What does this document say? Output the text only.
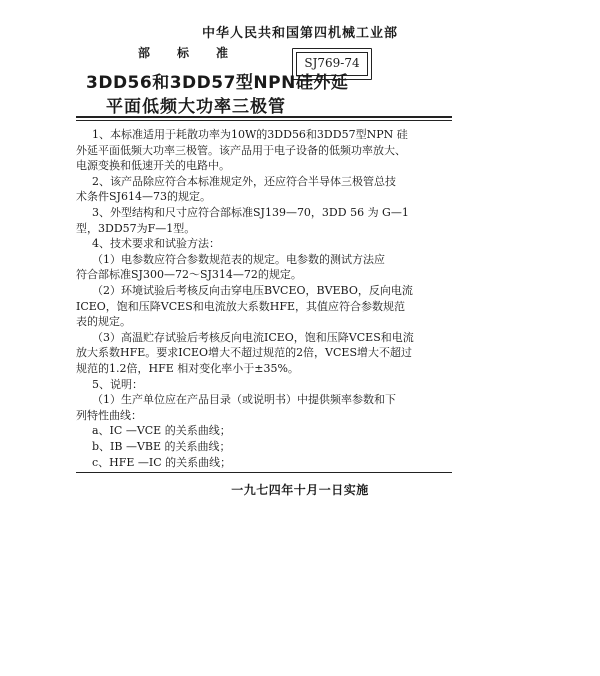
中华人民共和国第四机械工业部
部 标 准
SJ769-74
3DD56和3DD57型NPN硅外延
平面低频大功率三极管
一九七四年十月一日实施
1、本标准适用于耗散功率为10W的3DD56和3DD57型NPN 硅
外延平面低频大功率三极管。该产品用于电子设备的低频功率放大、
电源变换和低速开关的电路中。
2、该产品除应符合本标准规定外，还应符合半导体三极管总技
术条件SJ614—73的规定。
3、外型结构和尺寸应符合部标准SJ139—70，3DD 56 为 G—1
型，3DD57为F—1型。
4、技术要求和试验方法：
（1）电参数应符合参数规范表的规定。电参数的测试方法应
符合部标准SJ300—72～SJ314—72的规定。
（2）环境试验后考核反向击穿电压BVCEO，BVEBO，反向电流
ICEO，饱和压降VCES和电流放大系数HFE，其值应符合参数规范
表的规定。
（3）高温贮存试验后考核反向电流ICEO，饱和压降VCES和电流
放大系数HFE。要求ICEO增大不超过规范的2倍，VCES增大不超过
规范的1.2倍，HFE 相对变化率小于±35%。
5、说明：
（1）生产单位应在产品目录（或说明书）中提供频率参数和下
列特性曲线：
a、IC —VCE 的关系曲线；
b、IB —VBE 的关系曲线；
c、HFE —IC 的关系曲线；
